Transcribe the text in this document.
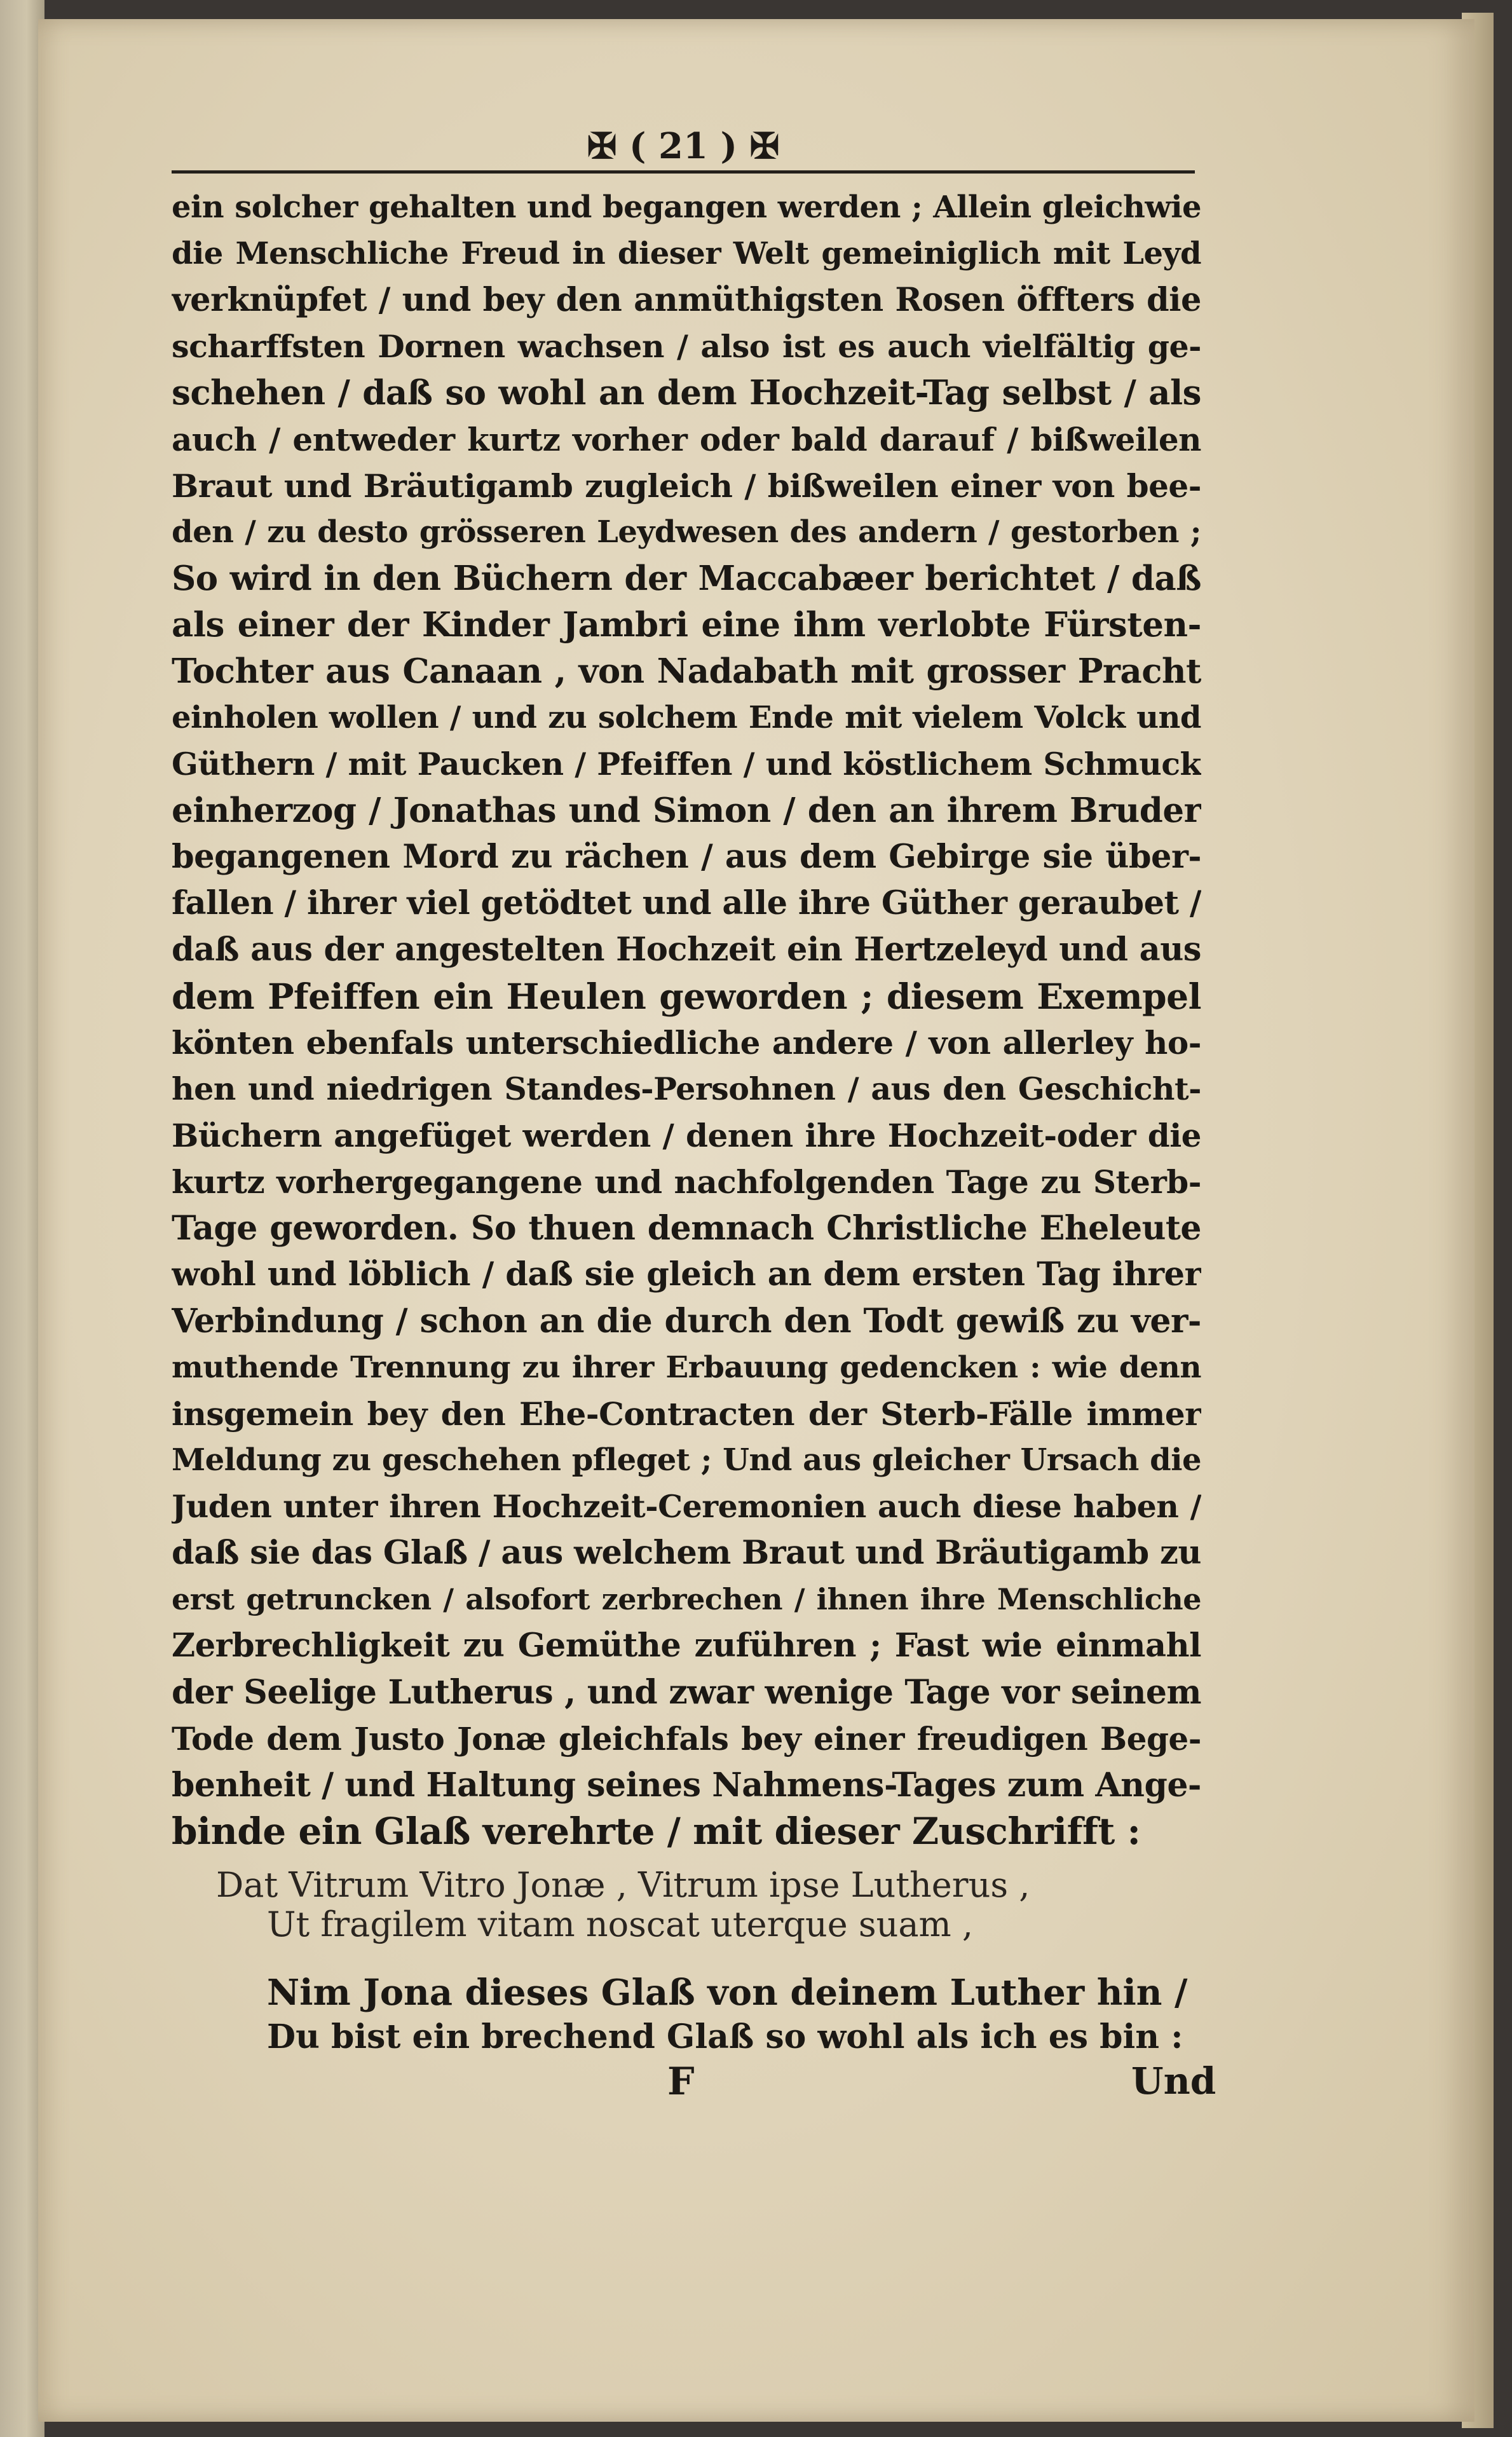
✠ ( 21 ) ✠
ein solcher gehalten und begangen werden ; Allein gleichwie
die Menschliche Freud in dieser Welt gemeiniglich mit Leyd
verknüpfet / und bey den anmüthigsten Rosen öffters die
scharffsten Dornen wachsen / also ist es auch vielfältig ge-
schehen / daß so wohl an dem Hochzeit-Tag selbst / als
auch / entweder kurtz vorher oder bald darauf / bißweilen
Braut und Bräutigamb zugleich / bißweilen einer von bee-
den / zu desto grösseren Leydwesen des andern / gestorben ;
So wird in den Büchern der Maccabæer berichtet / daß
als einer der Kinder Jambri eine ihm verlobte Fürsten-
Tochter aus Canaan , von Nadabath mit grosser Pracht
einholen wollen / und zu solchem Ende mit vielem Volck und
Güthern / mit Paucken / Pfeiffen / und köstlichem Schmuck
einherzog / Jonathas und Simon / den an ihrem Bruder
begangenen Mord zu rächen / aus dem Gebirge sie über-
fallen / ihrer viel getödtet und alle ihre Güther geraubet /
daß aus der angestelten Hochzeit ein Hertzeleyd und aus
dem Pfeiffen ein Heulen geworden ; diesem Exempel
könten ebenfals unterschiedliche andere / von allerley ho-
hen und niedrigen Standes-Persohnen / aus den Geschicht-
Büchern angefüget werden / denen ihre Hochzeit-oder die
kurtz vorhergegangene und nachfolgenden Tage zu Sterb-
Tage geworden. So thuen demnach Christliche Eheleute
wohl und löblich / daß sie gleich an dem ersten Tag ihrer
Verbindung / schon an die durch den Todt gewiß zu ver-
muthende Trennung zu ihrer Erbauung gedencken : wie denn
insgemein bey den Ehe-Contracten der Sterb-Fälle immer
Meldung zu geschehen pfleget ; Und aus gleicher Ursach die
Juden unter ihren Hochzeit-Ceremonien auch diese haben /
daß sie das Glaß / aus welchem Braut und Bräutigamb zu
erst getruncken / alsofort zerbrechen / ihnen ihre Menschliche
Zerbrechligkeit zu Gemüthe zuführen ; Fast wie einmahl
der Seelige Lutherus , und zwar wenige Tage vor seinem
Tode dem Justo Jonæ gleichfals bey einer freudigen Bege-
benheit / und Haltung seines Nahmens-Tages zum Ange-
binde ein Glaß verehrte / mit dieser Zuschrifft :
Dat Vitrum Vitro Jonæ , Vitrum ipse Lutherus ,
Ut fragilem vitam noscat uterque suam ,
Nim Jona dieses Glaß von deinem Luther hin /
Du bist ein brechend Glaß so wohl als ich es bin :
F	Und
